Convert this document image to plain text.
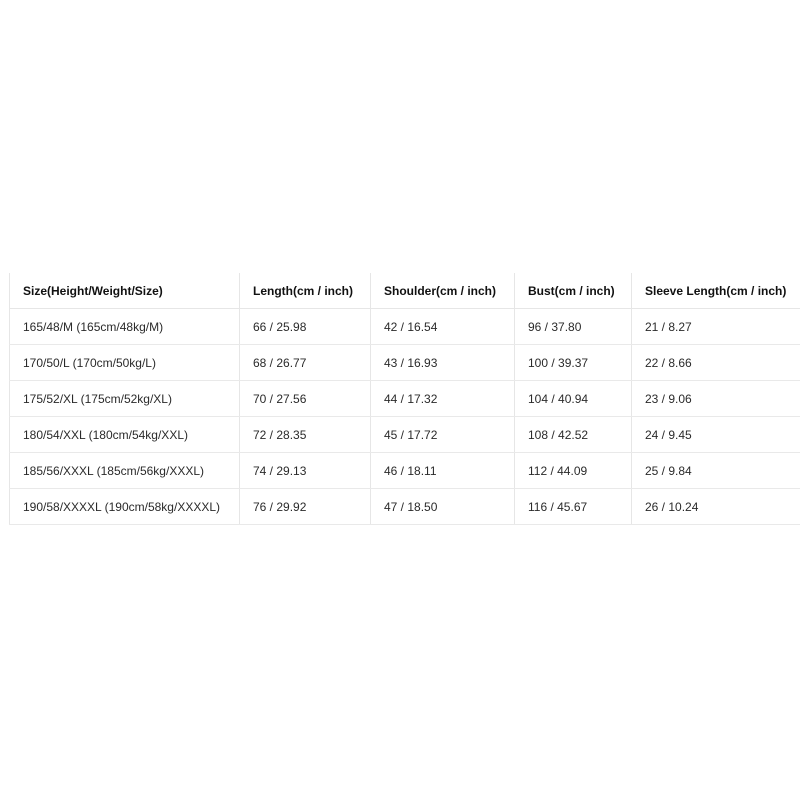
Size(Height/Weight/Size)	Length(cm / inch)	Shoulder(cm / inch)	Bust(cm / inch)	Sleeve Length(cm / inch)
165/48/M (165cm/48kg/M)	66 / 25.98	42 / 16.54	96 / 37.80	21 / 8.27
170/50/L (170cm/50kg/L)	68 / 26.77	43 / 16.93	100 / 39.37	22 / 8.66
175/52/XL (175cm/52kg/XL)	70 / 27.56	44 / 17.32	104 / 40.94	23 / 9.06
180/54/XXL (180cm/54kg/XXL)	72 / 28.35	45 / 17.72	108 / 42.52	24 / 9.45
185/56/XXXL (185cm/56kg/XXXL)	74 / 29.13	46 / 18.11	112 / 44.09	25 / 9.84
190/58/XXXXL (190cm/58kg/XXXXL)	76 / 29.92	47 / 18.50	116 / 45.67	26 / 10.24
